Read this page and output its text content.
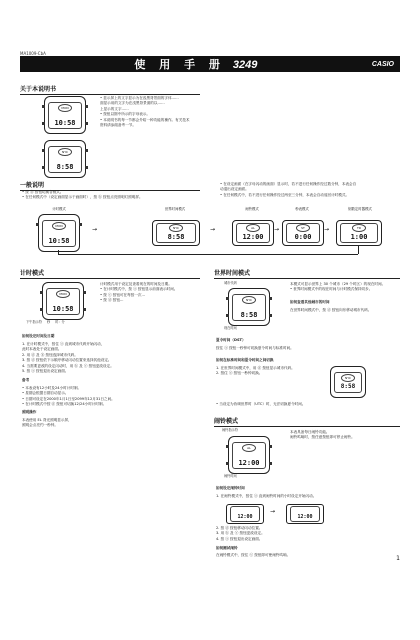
MA1009-CbA
使 用 手 册 3249	CASIO
关于本说明书
MON
10:58
NYC
8:58
• 显示屏上的文字显示为在浅黑背景面的字体……
面显示用的文字为在浅黑背景面的以……
上显示的文字……
• 按钮以图中所示的字母表示。
• 本说明书的每一节都会介绍一种功能的操作。有关技术
资料请参阅备考一节。
一般说明
• 按 ⓓ 按钮切换各模式。
• 在任何模式中（设定画面显示于画面时），按 ⓑ 按钮点亮照明灯照明屏。
• 在设定画面（在字母闪动的画面）显示时，若不进行任何操作经过数分钟，本表会自
动退出设定画面。
• 在任何模式中，若不进行任何操作经过两至三分钟，本表会自动返回计时模式。
计时模式	世界时间模式	闹铃模式	秒表模式	倒数定时器模式
MON
10:58
→	NYC
8:58
→	AL
12:00
→	ST
0:00
→	TR
1:00
计时模式
MON
10:58
下午指示符 秒 时：分
计时模式用于设定及查看现在的时间及日期。
• 在计时模式中，按 ⓐ 按钮显示前面表示时间。
• 按 ⓒ 按钮可在每按一次…
• 按 ⓓ 按钮…
如何设定时间及日期
1. 在计时模式中，按住 ⓐ 直到城市代码开始闪动，
此时本表处于设定画面。
2. 用 ⓓ 及 ⓑ 按钮选择城市代码。
3. 按 ⓓ 按钮依下示顺序移动闪动位置来选择其他设定。
4. 当需要更改的设定闪动时，用 ⓑ 及 ⓒ 按钮更改设定。
5. 按 ⓐ 按钮退出设定画面。
备考
• 本表设有12小时及24小时计时制。
• 星期会根据日期自动显示。
• 日期可设定在2000年1月1日至2099年12月31日之间。
• 在计时模式中按 ⓓ 按钮可切换12/24小时计时制。
照明操作
本表使用 EL 背光照明显示屏，
照明会点亮约一秒钟。
世界时间模式
城市代码
NYC
8:58
现在时间
本模式可显示世界上 30 个城市（29 个时区）的现在时间。
• 世界时间模式中的现在时间与计时模式保持同步。
如何查看其他城市的时间
在世界时间模式中，按 ⓓ 按钮向东移动城市代码。
夏令时间（DST）
按住 ⓐ 按钮一秒钟可切换夏令时间与标准时间。
如何在标准时间和夏令时间之间切换
NYC
8:58
1. 在世界时间模式中，用 ⓓ 按钮显示城市代码。
2. 按住 ⓐ 按钮一秒钟切换。
• 当设定为协调世界时（UTC）时，无法切换夏令时间。
闹铃模式
闹铃指示符
AL
12:00
闹铃时间
本表具备每日闹铃功能。
闹铃鸣响时，按任意按钮即可停止闹铃。
如何设定闹铃时间
1. 在闹铃模式中，按住 ⓐ 直到闹铃时间的小时设定开始闪动。
12:00
→
12:00
2. 按 ⓓ 按钮移动闪动位置。
3. 用 ⓑ 及 ⓒ 按钮更改设定。
4. 按 ⓐ 按钮退出设定画面。
如何测试闹铃
在闹铃模式中，按住 ⓒ 按钮即可使闹铃鸣响。	1
